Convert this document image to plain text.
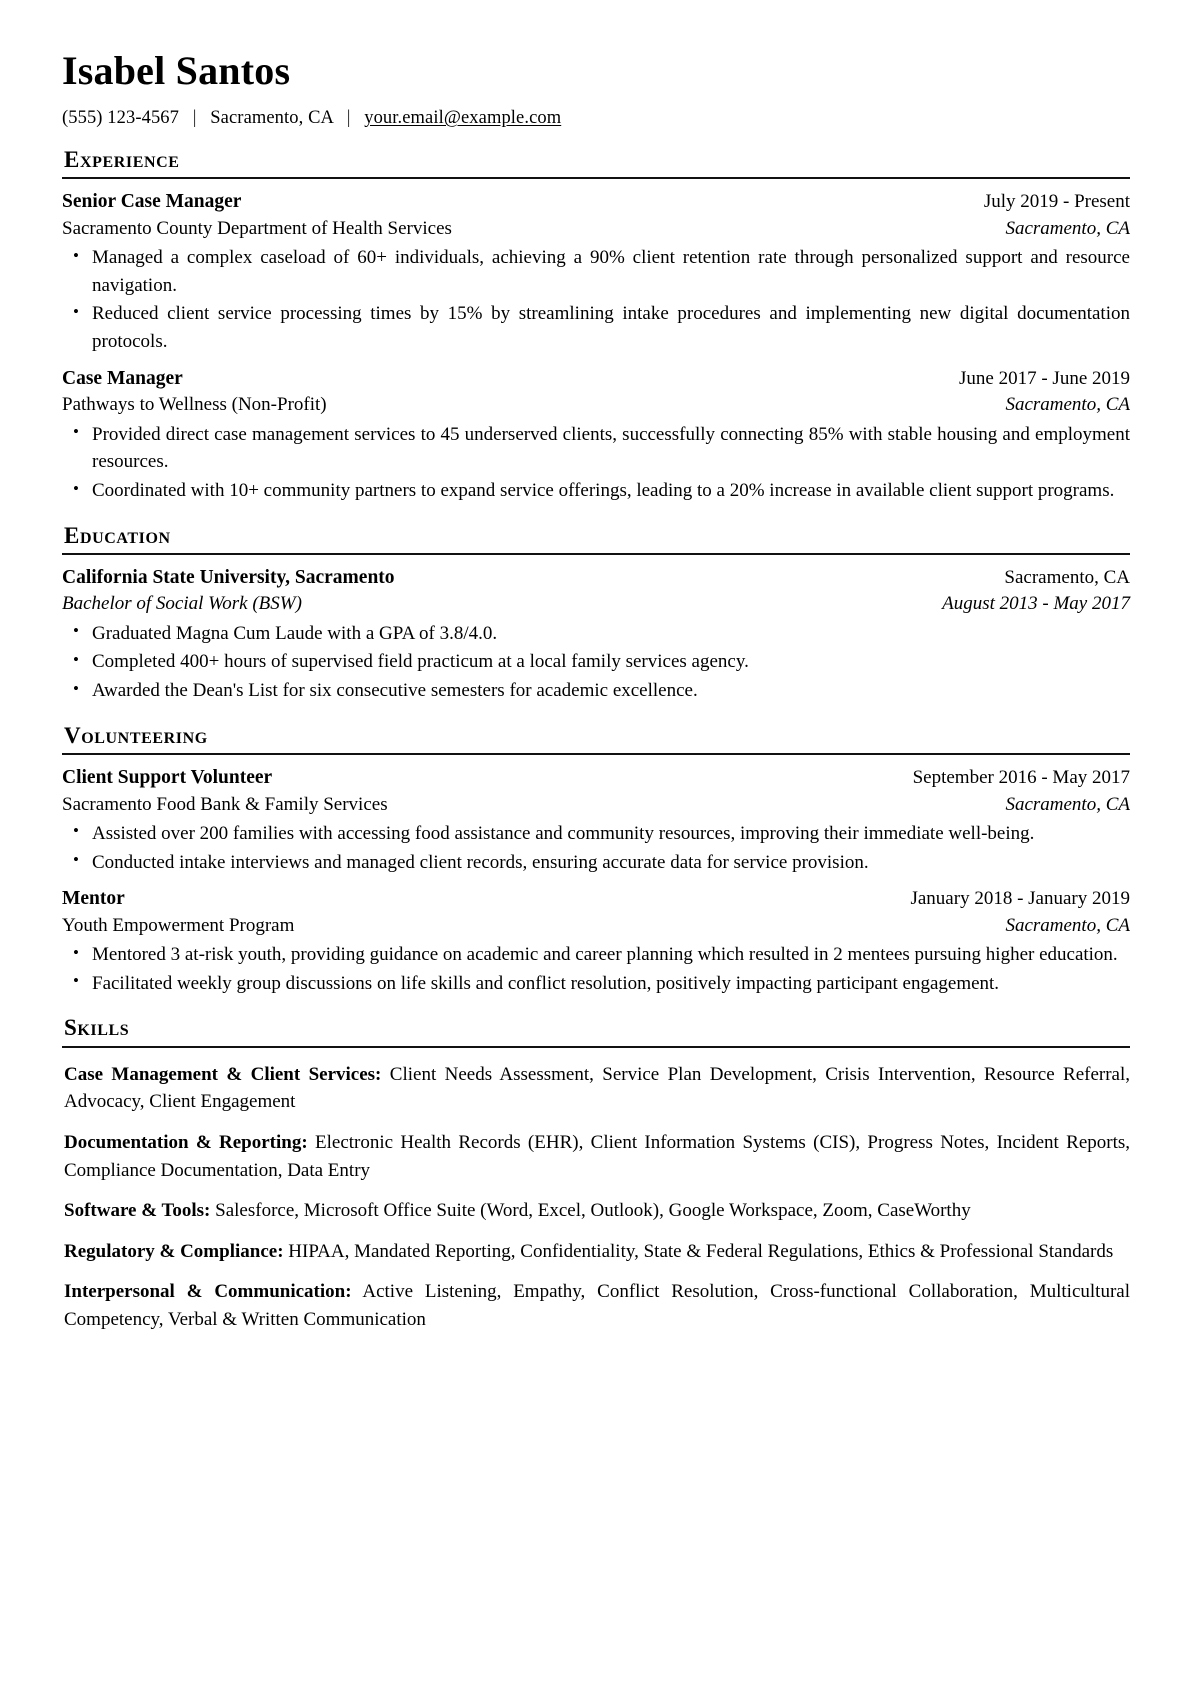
Isabel Santos
(555) 123-4567 | Sacramento, CA | your.email@example.com
Experience
Senior Case Manager	July 2019 - Present
Sacramento County Department of Health Services	Sacramento, CA
• Managed a complex caseload of 60+ individuals, achieving a 90% client retention rate through personalized support and resource navigation.
• Reduced client service processing times by 15% by streamlining intake procedures and implementing new digital documentation protocols.
Case Manager	June 2017 - June 2019
Pathways to Wellness (Non-Profit)	Sacramento, CA
• Provided direct case management services to 45 underserved clients, successfully connecting 85% with stable housing and employment resources.
• Coordinated with 10+ community partners to expand service offerings, leading to a 20% increase in available client support programs.
Education
California State University, Sacramento	Sacramento, CA
Bachelor of Social Work (BSW)	August 2013 - May 2017
• Graduated Magna Cum Laude with a GPA of 3.8/4.0.
• Completed 400+ hours of supervised field practicum at a local family services agency.
• Awarded the Dean's List for six consecutive semesters for academic excellence.
Volunteering
Client Support Volunteer	September 2016 - May 2017
Sacramento Food Bank & Family Services	Sacramento, CA
• Assisted over 200 families with accessing food assistance and community resources, improving their immediate well-being.
• Conducted intake interviews and managed client records, ensuring accurate data for service provision.
Mentor	January 2018 - January 2019
Youth Empowerment Program	Sacramento, CA
• Mentored 3 at-risk youth, providing guidance on academic and career planning which resulted in 2 mentees pursuing higher education.
• Facilitated weekly group discussions on life skills and conflict resolution, positively impacting participant engagement.
Skills
Case Management & Client Services: Client Needs Assessment, Service Plan Development, Crisis Intervention, Resource Referral, Advocacy, Client Engagement
Documentation & Reporting: Electronic Health Records (EHR), Client Information Systems (CIS), Progress Notes, Incident Reports, Compliance Documentation, Data Entry
Software & Tools: Salesforce, Microsoft Office Suite (Word, Excel, Outlook), Google Workspace, Zoom, CaseWorthy
Regulatory & Compliance: HIPAA, Mandated Reporting, Confidentiality, State & Federal Regulations, Ethics & Professional Standards
Interpersonal & Communication: Active Listening, Empathy, Conflict Resolution, Cross-functional Collaboration, Multicultural Competency, Verbal & Written Communication
